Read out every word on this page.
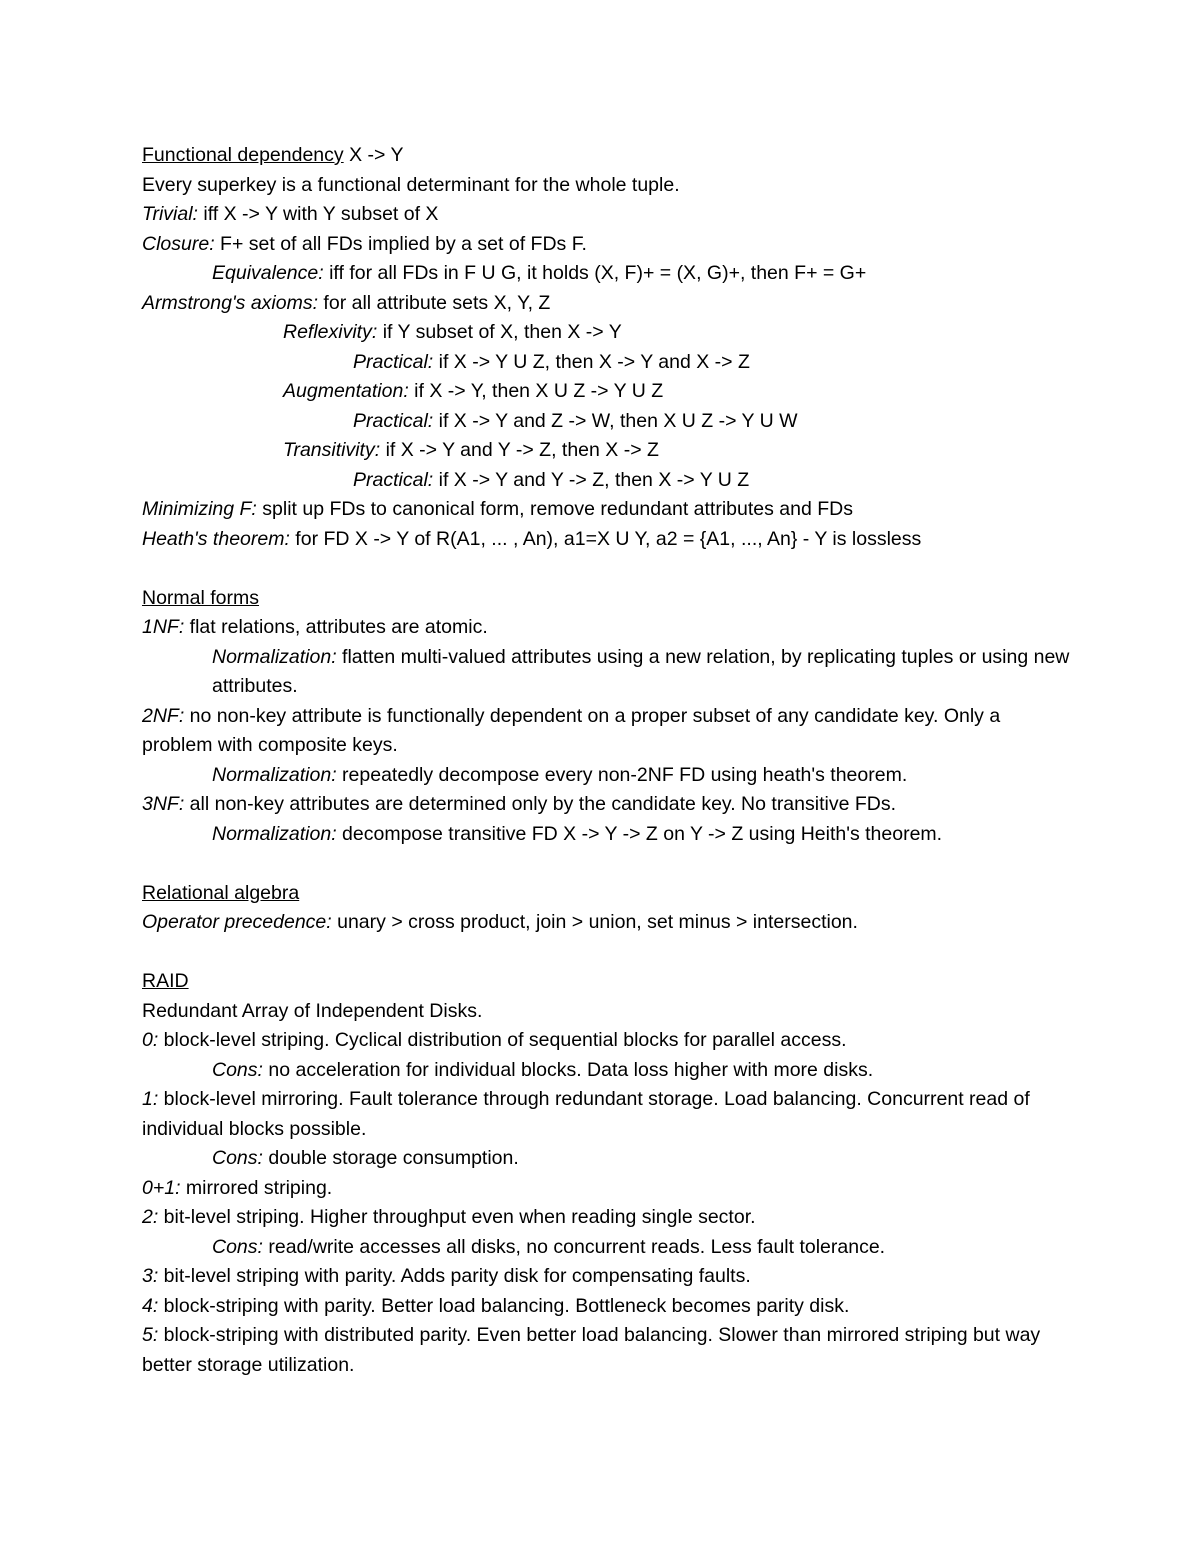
Functional dependency X -> Y

Every superkey is a functional determinant for the whole tuple.

Trivial: iff X -> Y with Y subset of X

Closure: F+ set of all FDs implied by a set of FDs F.

Equivalence: iff for all FDs in F U G, it holds (X, F)+ = (X, G)+, then F+ = G+

Armstrong's axioms: for all attribute sets X, Y, Z

Reflexivity: if Y subset of X, then X -> Y

Practical: if X -> Y U Z, then X -> Y and X -> Z

Augmentation: if X -> Y, then X U Z -> Y U Z

Practical: if X -> Y and Z -> W, then X U Z -> Y U W

Transitivity: if X -> Y and Y -> Z, then X -> Z

Practical: if X -> Y and Y -> Z, then X -> Y U Z

Minimizing F: split up FDs to canonical form, remove redundant attributes and FDs

Heath's theorem: for FD X -> Y of R(A1, ... , An), a1=X U Y, a2 = {A1, ..., An} - Y is lossless

Normal forms

1NF: flat relations, attributes are atomic.

Normalization: flatten multi-valued attributes using a new relation, by replicating tuples or using new attributes.

2NF: no non-key attribute is functionally dependent on a proper subset of any candidate key. Only a problem with composite keys.

Normalization: repeatedly decompose every non-2NF FD using heath's theorem.

3NF: all non-key attributes are determined only by the candidate key. No transitive FDs.

Normalization: decompose transitive FD X -> Y -> Z on Y -> Z using Heith's theorem.

Relational algebra

Operator precedence: unary > cross product, join > union, set minus > intersection.

RAID

Redundant Array of Independent Disks.

0: block-level striping. Cyclical distribution of sequential blocks for parallel access.

Cons: no acceleration for individual blocks. Data loss higher with more disks.

1: block-level mirroring. Fault tolerance through redundant storage. Load balancing. Concurrent read of individual blocks possible.

Cons: double storage consumption.

0+1: mirrored striping.

2: bit-level striping. Higher throughput even when reading single sector.

Cons: read/write accesses all disks, no concurrent reads. Less fault tolerance.

3: bit-level striping with parity. Adds parity disk for compensating faults.

4: block-striping with parity. Better load balancing. Bottleneck becomes parity disk.

5: block-striping with distributed parity. Even better load balancing. Slower than mirrored striping but way better storage utilization.
